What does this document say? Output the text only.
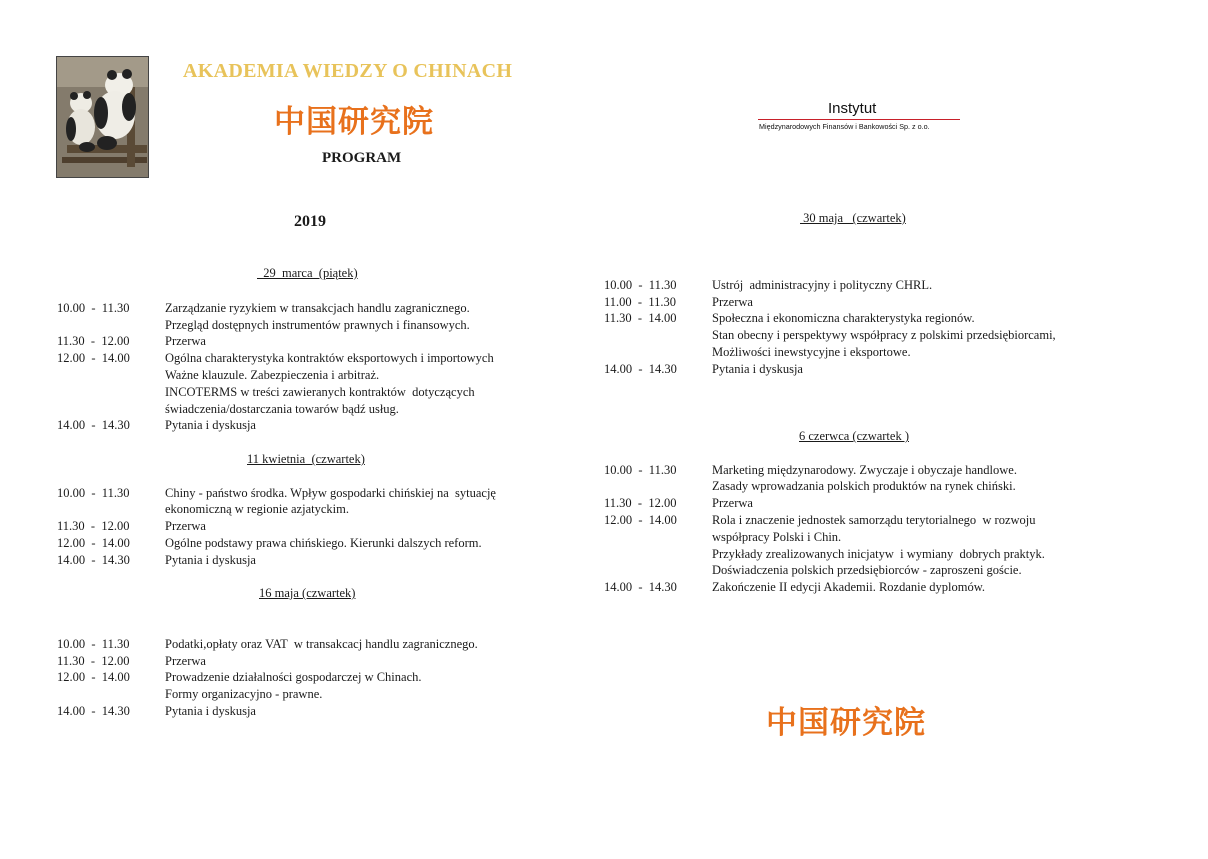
AKADEMIA WIEDZY O CHINACH
中国研究院
PROGRAM
2019
Instytut
Międzynarodowych Finansów i Bankowości Sp. z o.o.
29  marca  (piątek)
10.00  -  11.30	Zarządzanie ryzykiem w transakcjach handlu zagranicznego.
Przegląd dostępnych instrumentów prawnych i finansowych.
11.30  -  12.00	Przerwa
12.00  -  14.00	Ogólna charakterystyka kontraktów eksportowych i importowych
Ważne klauzule. Zabezpieczenia i arbitraż.
INCOTERMS w treści zawieranych kontraktów  dotyczących
świadczenia/dostarczania towarów bądź usług.
14.00  -  14.30	Pytania i dyskusja
11 kwietnia  (czwartek)
10.00  -  11.30	Chiny - państwo środka. Wpływ gospodarki chińskiej na  sytuację
ekonomiczną w regionie azjatyckim.
11.30  -  12.00	Przerwa
12.00  -  14.00	Ogólne podstawy prawa chińskiego. Kierunki dalszych reform.
14.00  -  14.30	Pytania i dyskusja
16 maja (czwartek)
10.00  -  11.30	Podatki,opłaty oraz VAT  w transakcacj handlu zagranicznego.
11.30  -  12.00	Przerwa
12.00  -  14.00	Prowadzenie działalności gospodarczej w Chinach.
Formy organizacyjno - prawne.
14.00  -  14.30	Pytania i dyskusja
30 maja   (czwartek)
10.00  -  11.30	Ustrój  administracyjny i polityczny CHRL.
11.00  -  11.30	Przerwa
11.30  -  14.00	Społeczna i ekonomiczna charakterystyka regionów.
Stan obecny i perspektywy współpracy z polskimi przedsiębiorcami,
Możliwości inewstycyjne i eksportowe.
14.00  -  14.30	Pytania i dyskusja
6 czerwca (czwartek )
10.00  -  11.30	Marketing międzynarodowy. Zwyczaje i obyczaje handlowe.
Zasady wprowadzania polskich produktów na rynek chiński.
11.30  -  12.00	Przerwa
12.00  -  14.00	Rola i znaczenie jednostek samorządu terytorialnego  w rozwoju
współpracy Polski i Chin.
Przykłady zrealizowanych inicjatyw  i wymiany  dobrych praktyk.
Doświadczenia polskich przedsiębiorców - zaproszeni goście.
14.00  -  14.30	Zakończenie II edycji Akademii. Rozdanie dyplomów.
中国研究院
